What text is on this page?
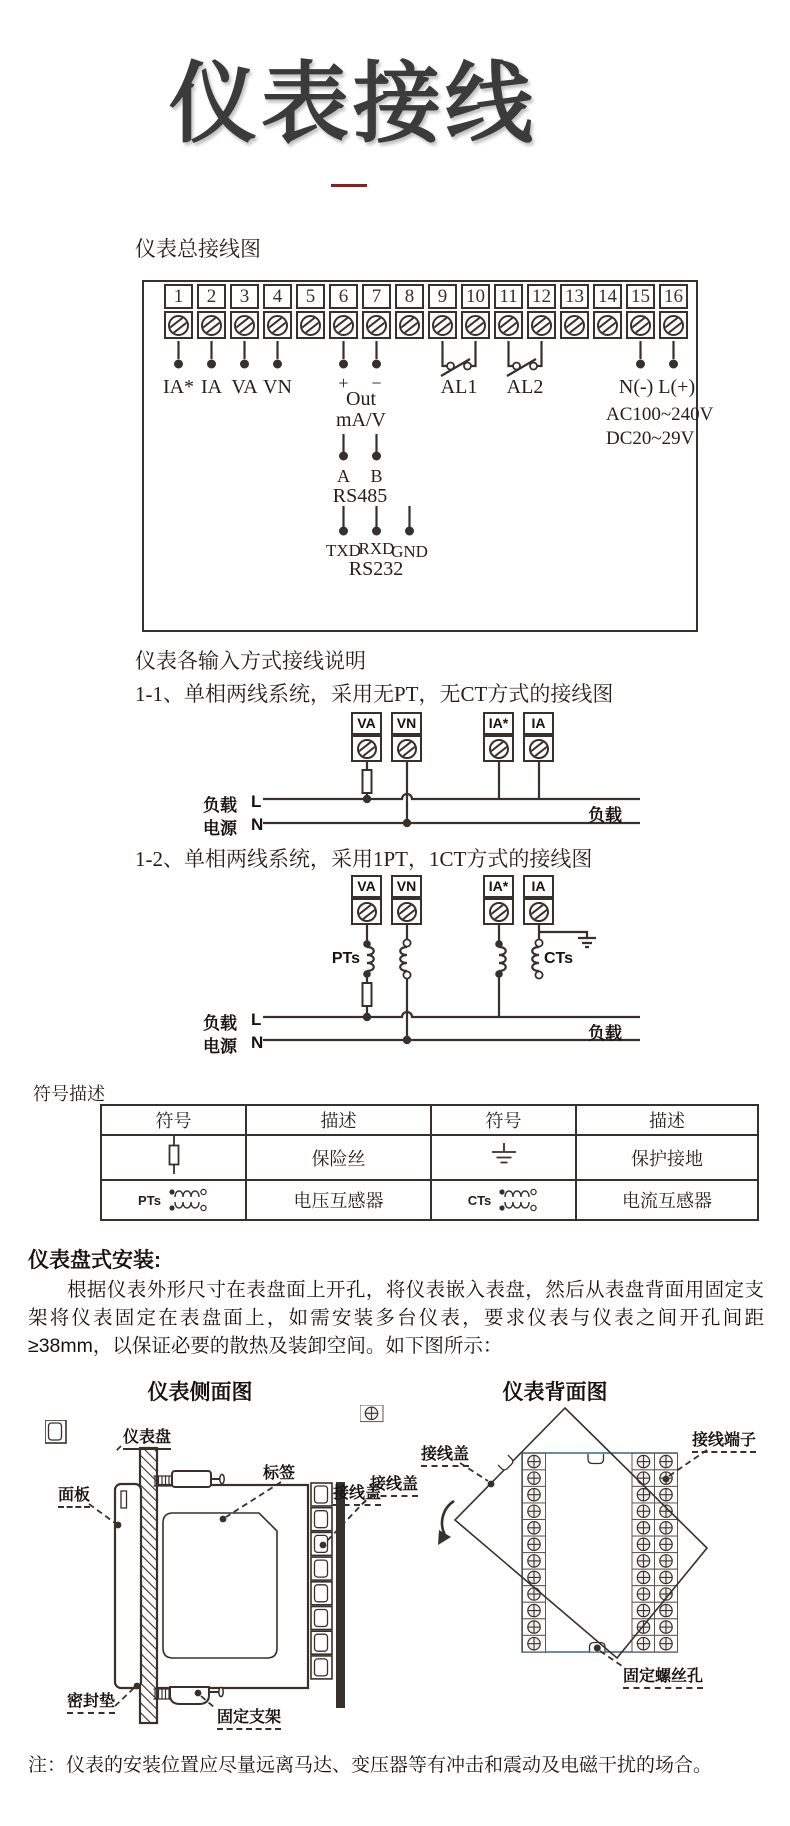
仪表接线
仪表总接线图
1	2	3	4	5	6	7	8	9 10 11 12 13 14 15 16
IA* IA VA VN	+ −
Out
mA/V
AL1 AL2	N(-) L(+)
AC100~240V
DC20~29V
A B
RS485
TXD
RXD
GND
RS232
仪表各输入方式接线说明
1-1、单相两线系统，采用无PT，无CT方式的接线图
VA	VN	IA*	IA
负载 L
电源 N	负载
1-2、单相两线系统，采用1PT，1CT方式的接线图
VA	VN	IA*	IA
PTs	CTs
负载 L
电源 N	负载
符号描述
符号	描述	符号	描述
	保险丝		保护接地

PTs	电压互感器	CTs	电流互感器
仪表盘式安装:

根据仪表外形尺寸在表盘面上开孔，将仪表嵌入表盘，然后从表盘背面用固定支架将仪表固定在表盘面上，如需安装多台仪表，要求仪表与仪表之间开孔间距≥38mm，以保证必要的散热及装卸空间。如下图所示：

仪表侧面图	仪表背面图
仪表盘
面板
标签
接线盖
密封垫
固定支架
接线盖
接线盖
接线端子
固定螺丝孔
注：仪表的安装位置应尽量远离马达、变压器等有冲击和震动及电磁干扰的场合。
